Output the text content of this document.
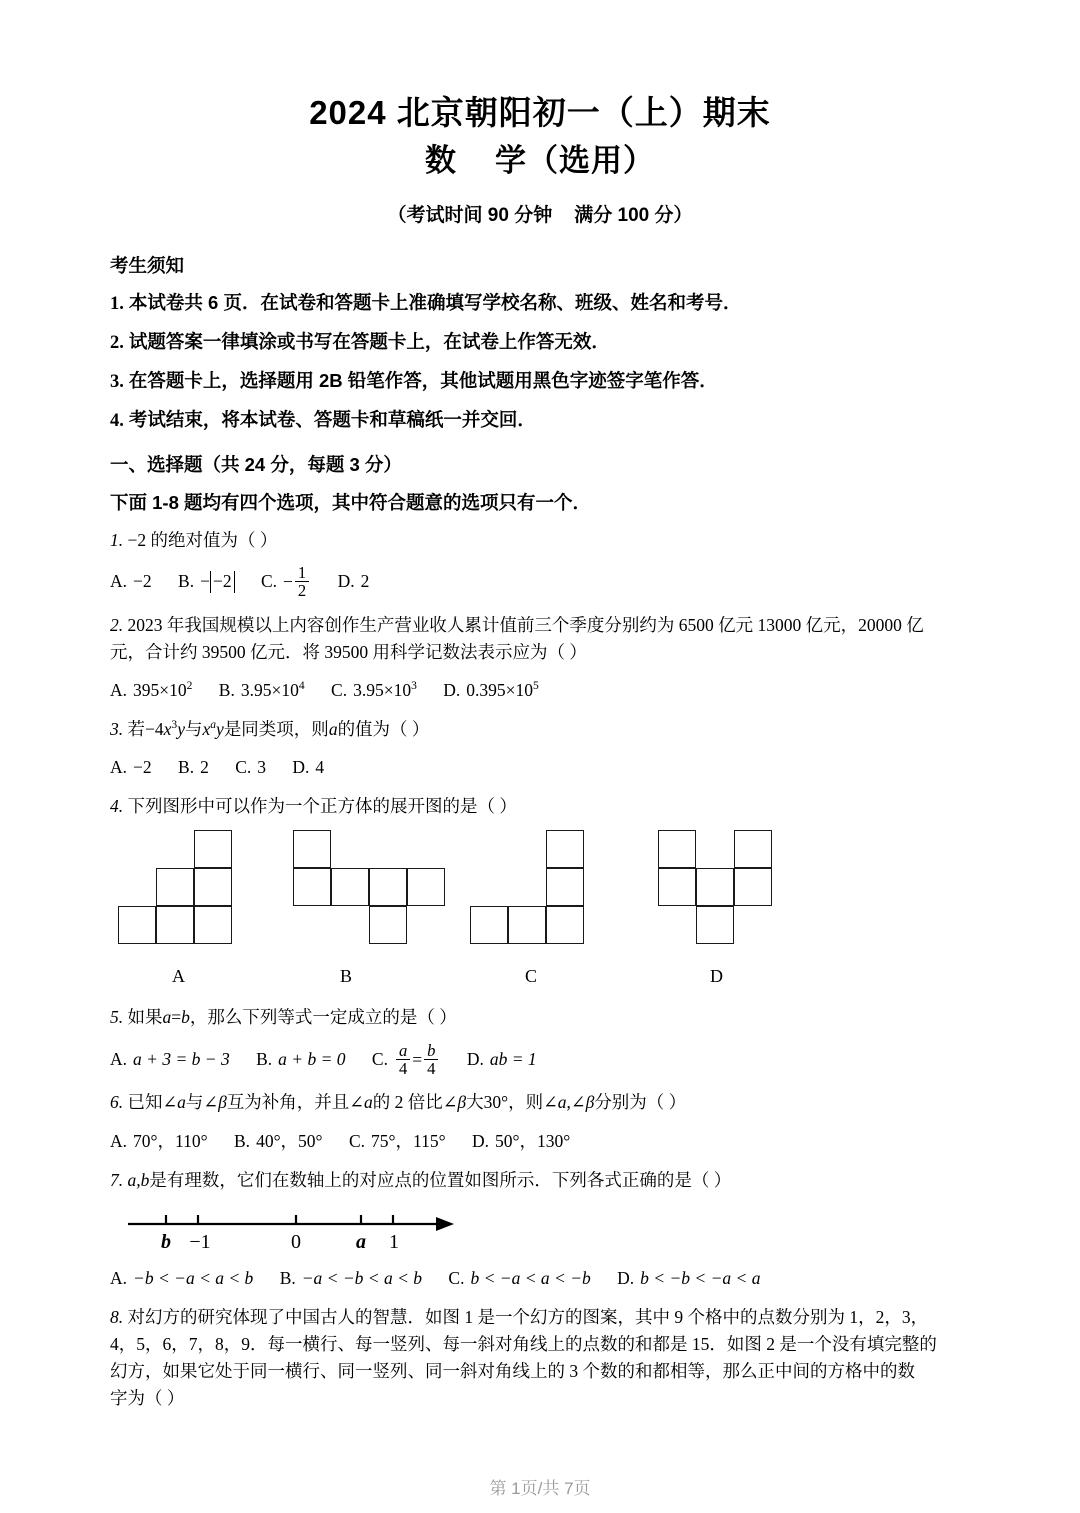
2024 北京朝阳初一（上）期末
数 学（选用）
（考试时间 90 分钟 满分 100 分）
考生须知
1. 本试卷共 6 页．在试卷和答题卡上准确填写学校名称、班级、姓名和考号．
2. 试题答案一律填涂或书写在答题卡上，在试卷上作答无效．
3. 在答题卡上，选择题用 2B 铅笔作答，其他试题用黑色字迹签字笔作答．
4. 考试结束，将本试卷、答题卡和草稿纸一并交回．
一、选择题（共 24 分，每题 3 分）
下面 1-8 题均有四个选项，其中符合题意的选项只有一个．
1. −2 的绝对值为（ ）
A. −2 B. − −2 C. − $\frac{1}{2} D$. 2
2. 2023 年我国规模以上内容创作生产营业收人累计值前三个季度分别约为 6500 亿元 13000 亿元，20000 亿
元，合计约 39500 亿元．将 39500 用科学记数法表示应为（ ）
A. $395\times 10^2$ B. $3.95\times 10^4$ C. $3.95\times 10^3$ D. $0.395\times 10^5$
3. 若$-4x^3y$与$x^ay$是同类项，则a的值为（ ）
A. −2 B. 2 C. 3 D. 4
4. 下列图形中可以作为一个正方体的展开图的是（ ）
A	B	C	D
5. 如果a=b，那么下列等式一定成立的是（ ）
A. a + 3 = b − 3 B. a + b = 0 C. $\frac{a}{4} = \frac{b}{4} D$. ab = 1
6. 已知∠a与∠β互为补角，并且∠a的 2 倍比∠β大30°，则∠a,∠β分别为（ ）
A. 70°，110° B. 40°，50° C. 75°，115° D. 50°，130°
7. a,b是有理数，它们在数轴上的对应点的位置如图所示．下列各式正确的是（ ）
b −1	0	a 1
A. −b < −a < a < b B. −a < −b < a < b C. b < −a < a < −b D. b < −b < −a < a
8. 对幻方的研究体现了中国古人的智慧．如图 1 是一个幻方的图案，其中 9 个格中的点数分别为 1，2，3，
4，5，6，7，8，9．每一横行、每一竖列、每一斜对角线上的点数的和都是 15．如图 2 是一个没有填完整的
幻方，如果它处于同一横行、同一竖列、同一斜对角线上的 3 个数的和都相等，那么正中间的方格中的数
字为（ ）
第 1页/共 7页
